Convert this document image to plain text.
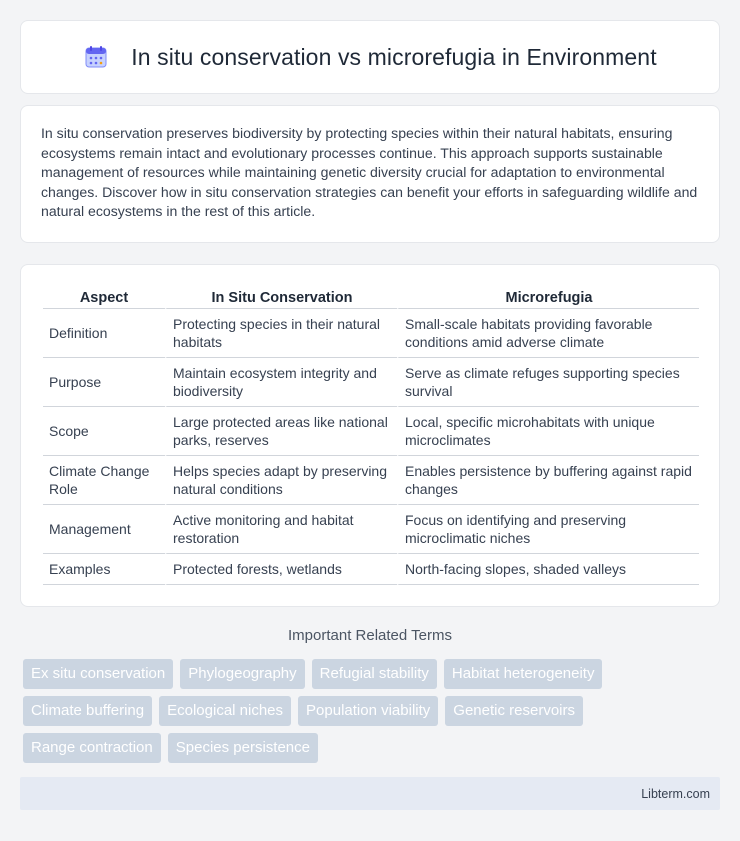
In situ conservation vs microrefugia in Environment

In situ conservation preserves biodiversity by protecting species within their natural habitats, ensuring ecosystems remain intact and evolutionary processes continue. This approach supports sustainable management of resources while maintaining genetic diversity crucial for adaptation to environmental changes. Discover how in situ conservation strategies can benefit your efforts in safeguarding wildlife and natural ecosystems in the rest of this article.

Aspect	In Situ Conservation	Microrefugia
Definition	Protecting species in their natural habitats	Small-scale habitats providing favorable conditions amid adverse climate
Purpose	Maintain ecosystem integrity and biodiversity	Serve as climate refuges supporting species survival
Scope	Large protected areas like national parks, reserves	Local, specific microhabitats with unique microclimates
Climate Change Role	Helps species adapt by preserving natural conditions	Enables persistence by buffering against rapid changes
Management	Active monitoring and habitat restoration	Focus on identifying and preserving microclimatic niches
Examples	Protected forests, wetlands	North-facing slopes, shaded valleys
Important Related Terms
Ex situ conservation	Phylogeography	Refugial stability	Habitat heterogeneity
Climate buffering	Ecological niches	Population viability	Genetic reservoirs
Range contraction	Species persistence
Libterm.com
